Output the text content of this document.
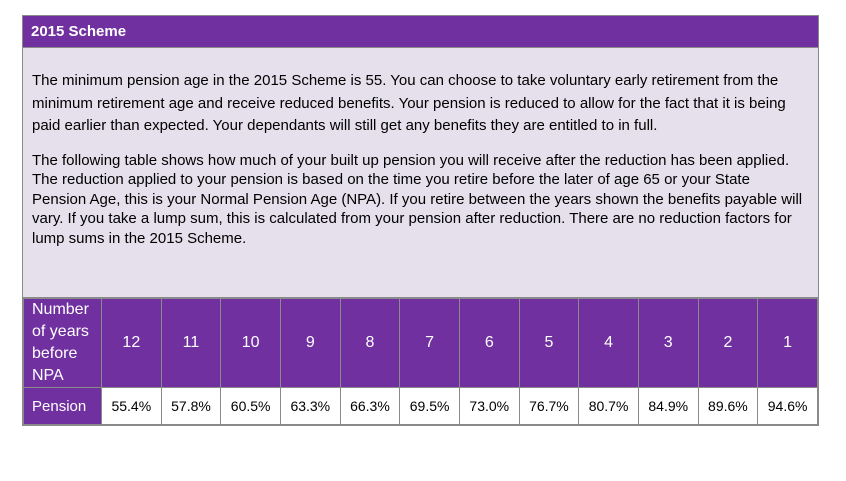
2015 Scheme

The minimum pension age in the 2015 Scheme is 55. You can choose to take voluntary early retirement from the minimum retirement age and receive reduced benefits. Your pension is reduced to allow for the fact that it is being paid earlier than expected. Your dependants will still get any benefits they are entitled to in full.

The following table shows how much of your built up pension you will receive after the reduction has been applied. The reduction applied to your pension is based on the time you retire before the later of age 65 or your State Pension Age, this is your Normal Pension Age (NPA). If you retire between the years shown the benefits payable will vary. If you take a lump sum, this is calculated from your pension after reduction. There are no reduction factors for lump sums in the 2015 Scheme.

Number of years before NPA	12	11	10	9	8	7	6	5	4	3	2	1
Pension	55.4%	57.8%	60.5%	63.3%	66.3%	69.5%	73.0%	76.7%	80.7%	84.9%	89.6%	94.6%
